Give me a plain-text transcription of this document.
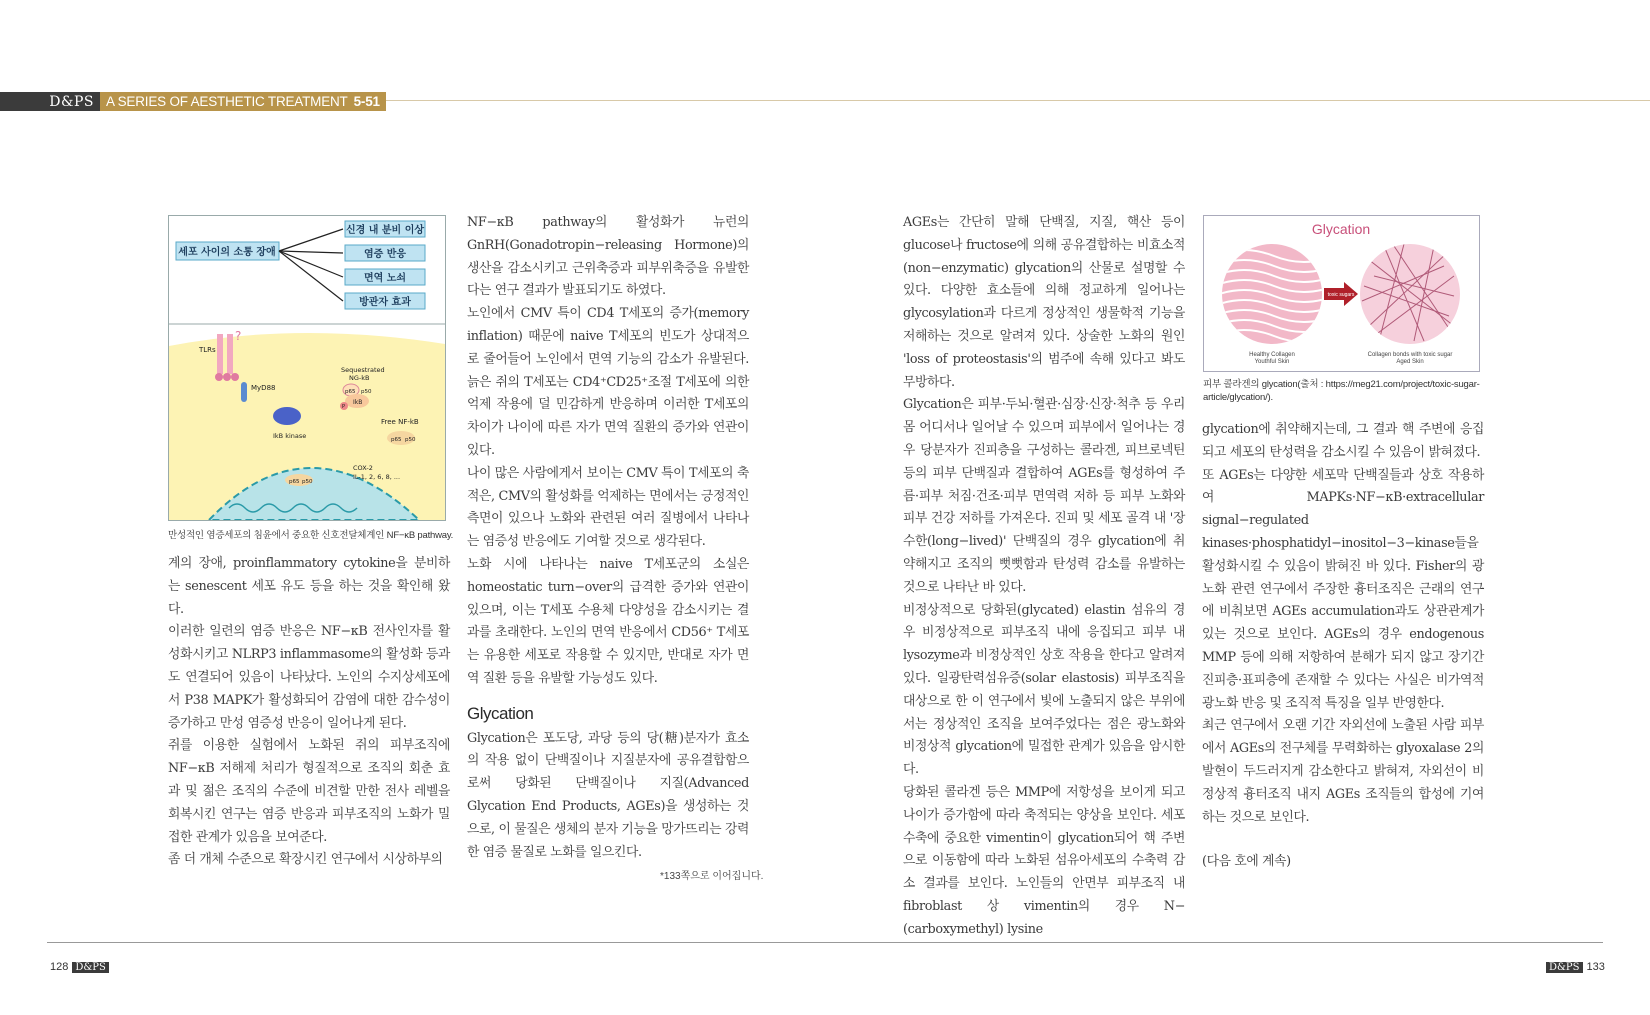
D&PS A SERIES OF AESTHETIC TREATMENT 5-51
세포 사이의 소통 장애
신경 내 분비 이상
염증 반응
면역 노쇠
방관자 효과
TLRs
?
MyD88
IkB kinase
Sequestrated
NG-kB
p65 p50
IkB
P
Free NF-kB
p65 p50
p65 p50
COX-2
IL-1, 2, 6, 8, ...
만성적인 염증세포의 침윤에서 중요한 신호전달체계인 NF−κB pathway.

계의 장애, proinflammatory cytokine을 분비하는 senescent 세포 유도 등을 하는 것을 확인해 왔다.

이러한 일련의 염증 반응은 NF−κB 전사인자를 활성화시키고 NLRP3 inflammasome의 활성화 등과도 연결되어 있음이 나타났다. 노인의 수지상세포에서 P38 MAPK가 활성화되어 감염에 대한 감수성이 증가하고 만성 염증성 반응이 일어나게 된다.

쥐를 이용한 실험에서 노화된 쥐의 피부조직에 NF−κB 저해제 처리가 형질적으로 조직의 회춘 효과 및 젊은 조직의 수준에 비견할 만한 전사 레벨을 회복시킨 연구는 염증 반응과 피부조직의 노화가 밀접한 관계가 있음을 보여준다.

좀 더 개체 수준으로 확장시킨 연구에서 시상하부의

NF−κB pathway의 활성화가 뉴런의 GnRH(Gonadotropin−releasing Hormone)의 생산을 감소시키고 근위축증과 피부위축증을 유발한다는 연구 결과가 발표되기도 하였다.

노인에서 CMV 특이 CD4 T세포의 증가(memory inflation) 때문에 naive T세포의 빈도가 상대적으로 줄어들어 노인에서 면역 기능의 감소가 유발된다. 늙은 쥐의 T세포는 CD4⁺CD25⁺조절 T세포에 의한 억제 작용에 덜 민감하게 반응하며 이러한 T세포의 차이가 나이에 따른 자가 면역 질환의 증가와 연관이 있다.

나이 많은 사람에게서 보이는 CMV 특이 T세포의 축적은, CMV의 활성화를 억제하는 면에서는 긍정적인 측면이 있으나 노화와 관련된 여러 질병에서 나타나는 염증성 반응에도 기여할 것으로 생각된다.

노화 시에 나타나는 naive T세포군의 소실은 homeostatic turn−over의 급격한 증가와 연관이 있으며, 이는 T세포 수용체 다양성을 감소시키는 결과를 초래한다. 노인의 면역 반응에서 CD56⁺ T세포는 유용한 세포로 작용할 수 있지만, 반대로 자가 면역 질환 등을 유발할 가능성도 있다.

Glycation

Glycation은 포도당, 과당 등의 당(糖)분자가 효소의 작용 없이 단백질이나 지질분자에 공유결합함으로써 당화된 단백질이나 지질(Advanced Glycation End Products, AGEs)을 생성하는 것으로, 이 물질은 생체의 분자 기능을 망가뜨리는 강력한 염증 물질로 노화를 일으킨다.

*133쪽으로 이어집니다.

AGEs는 간단히 말해 단백질, 지질, 핵산 등이 glucose나 fructose에 의해 공유결합하는 비효소적(non−enzymatic) glycation의 산물로 설명할 수 있다. 다양한 효소들에 의해 정교하게 일어나는 glycosylation과 다르게 정상적인 생물학적 기능을 저해하는 것으로 알려져 있다. 상술한 노화의 원인 'loss of proteostasis'의 범주에 속해 있다고 봐도 무방하다.

Glycation은 피부·두뇌·혈관·심장·신장·척추 등 우리 몸 어디서나 일어날 수 있으며 피부에서 일어나는 경우 당분자가 진피층을 구성하는 콜라겐, 피브로넥틴 등의 피부 단백질과 결합하여 AGEs를 형성하여 주름·피부 처짐·건조·피부 면역력 저하 등 피부 노화와 피부 건강 저하를 가져온다. 진피 및 세포 골격 내 '장수한(long−lived)' 단백질의 경우 glycation에 취약해지고 조직의 뻣뻣함과 탄성력 감소를 유발하는 것으로 나타난 바 있다.

비정상적으로 당화된(glycated) elastin 섬유의 경우 비정상적으로 피부조직 내에 응집되고 피부 내 lysozyme과 비정상적인 상호 작용을 한다고 알려져 있다. 일광탄력섬유증(solar elastosis) 피부조직을 대상으로 한 이 연구에서 빛에 노출되지 않은 부위에서는 정상적인 조직을 보여주었다는 점은 광노화와 비정상적 glycation에 밀접한 관계가 있음을 암시한다.

당화된 콜라겐 등은 MMP에 저항성을 보이게 되고 나이가 증가함에 따라 축적되는 양상을 보인다. 세포 수축에 중요한 vimentin이 glycation되어 핵 주변으로 이동함에 따라 노화된 섬유아세포의 수축력 감소 결과를 보인다. 노인들의 안면부 피부조직 내 fibroblast 상 vimentin의 경우 N−(carboxymethyl) lysine

Glycation
toxic sugars
Healthy Collagen
Youthful Skin
Collagen bonds with toxic sugar
Aged Skin
피부 콜라겐의 glycation(출처 : https://meg21.com/project/toxic-sugar-article/glycation/).

glycation에 취약해지는데, 그 결과 핵 주변에 응집되고 세포의 탄성력을 감소시킬 수 있음이 밝혀졌다.

또 AGEs는 다양한 세포막 단백질들과 상호 작용하여 MAPKs·NF−κB·extracellular signal−regulated kinases·phosphatidyl−inositol−3−kinase들을 활성화시킬 수 있음이 밝혀진 바 있다. Fisher의 광노화 관련 연구에서 주장한 흉터조직은 근래의 연구에 비춰보면 AGEs accumulation과도 상관관계가 있는 것으로 보인다. AGEs의 경우 endogenous MMP 등에 의해 저항하여 분해가 되지 않고 장기간 진피층·표피층에 존재할 수 있다는 사실은 비가역적 광노화 반응 및 조직적 특징을 일부 반영한다.

최근 연구에서 오랜 기간 자외선에 노출된 사람 피부에서 AGEs의 전구체를 무력화하는 glyoxalase 2의 발현이 두드러지게 감소한다고 밝혀져, 자외선이 비정상적 흉터조직 내지 AGEs 조직들의 합성에 기여하는 것으로 보인다.

(다음 호에 계속)

128 D&PS	D&PS 133
